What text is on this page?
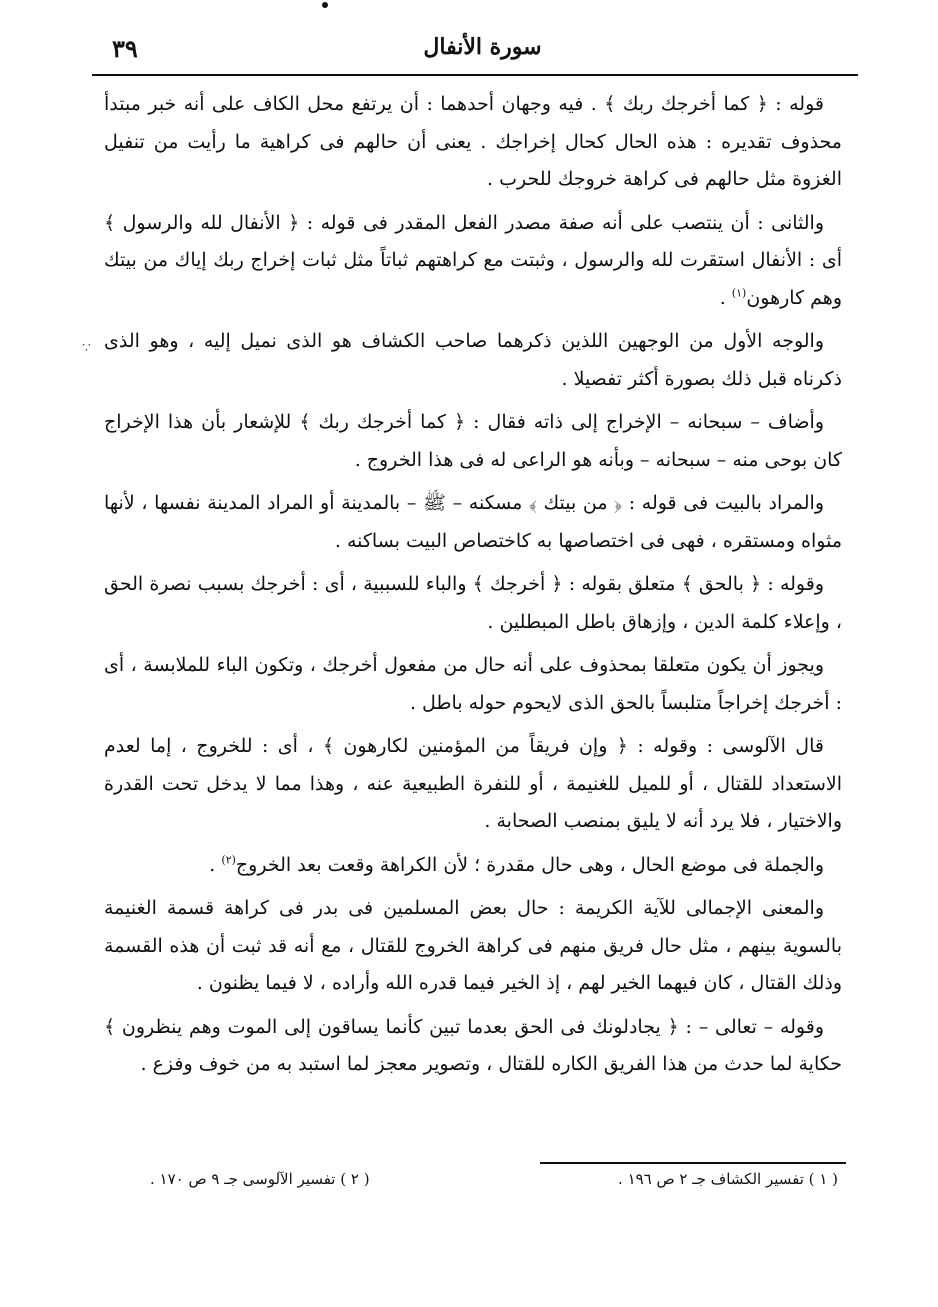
٣٩	سورة الأنفال
∵

قوله : ﴿ كما أخرجك ربك ﴾ . فيه وجهان أحدهما : أن يرتفع محل الكاف على أنه خبر مبتدأ محذوف تقديره : هذه الحال كحال إخراجك . يعنى أن حالهم فى كراهية ما رأيت من تنفيل الغزوة مثل حالهم فى كراهة خروجك للحرب .

والثانى : أن ينتصب على أنه صفة مصدر الفعل المقدر فى قوله : ﴿ الأنفال لله والرسول ﴾ أى : الأنفال استقرت لله والرسول ، وثبتت مع كراهتهم ثباتاً مثل ثبات إخراج ربك إياك من بيتك وهم كارهون$^{(١)}$ .

والوجه الأول من الوجهين اللذين ذكرهما صاحب الكشاف هو الذى نميل إليه ، وهو الذى ذكرناه قبل ذلك بصورة أكثر تفصيلا .

وأضاف – سبحانه – الإخراج إلى ذاته فقال : ﴿ كما أخرجك ربك ﴾ للإشعار بأن هذا الإخراج كان بوحى منه – سبحانه – وبأنه هو الراعى له فى هذا الخروج .

والمراد بالبيت فى قوله : ﴿ من بيتك ﴾ مسكنه – ﷺ – بالمدينة أو المراد المدينة نفسها ، لأنها مثواه ومستقره ، فهى فى اختصاصها به كاختصاص البيت بساكنه .

وقوله : ﴿ بالحق ﴾ متعلق بقوله : ﴿ أخرجك ﴾ والباء للسببية ، أى : أخرجك بسبب نصرة الحق ، وإعلاء كلمة الدين ، وإزهاق باطل المبطلين .

ويجوز أن يكون متعلقا بمحذوف على أنه حال من مفعول أخرجك ، وتكون الباء للملابسة ، أى : أخرجك إخراجاً متلبساً بالحق الذى لايحوم حوله باطل .

قال الآلوسى : وقوله : ﴿ وإن فريقاً من المؤمنين لكارهون ﴾ ، أى : للخروج ، إما لعدم الاستعداد للقتال ، أو للميل للغنيمة ، أو للنفرة الطبيعية عنه ، وهذا مما لا يدخل تحت القدرة والاختيار ، فلا يرد أنه لا يليق بمنصب الصحابة .

والجملة فى موضع الحال ، وهى حال مقدرة ؛ لأن الكراهة وقعت بعد الخروج$^{(٢)}$ .

والمعنى الإجمالى للآية الكريمة : حال بعض المسلمين فى بدر فى كراهة قسمة الغنيمة بالسوية بينهم ، مثل حال فريق منهم فى كراهة الخروج للقتال ، مع أنه قد ثبت أن هذه القسمة وذلك القتال ، كان فيهما الخير لهم ، إذ الخير فيما قدره الله وأراده ، لا فيما يظنون .

وقوله – تعالى – : ﴿ يجادلونك فى الحق بعدما تبين كأنما يساقون إلى الموت وهم ينظرون ﴾ حكاية لما حدث من هذا الفريق الكاره للقتال ، وتصوير معجز لما استبد به من خوف وفزع .

( ١ ) تفسير الكشاف جـ ٢ ص ١٩٦ .
( ٢ ) تفسير الآلوسى جـ ٩ ص ١٧٠ .
